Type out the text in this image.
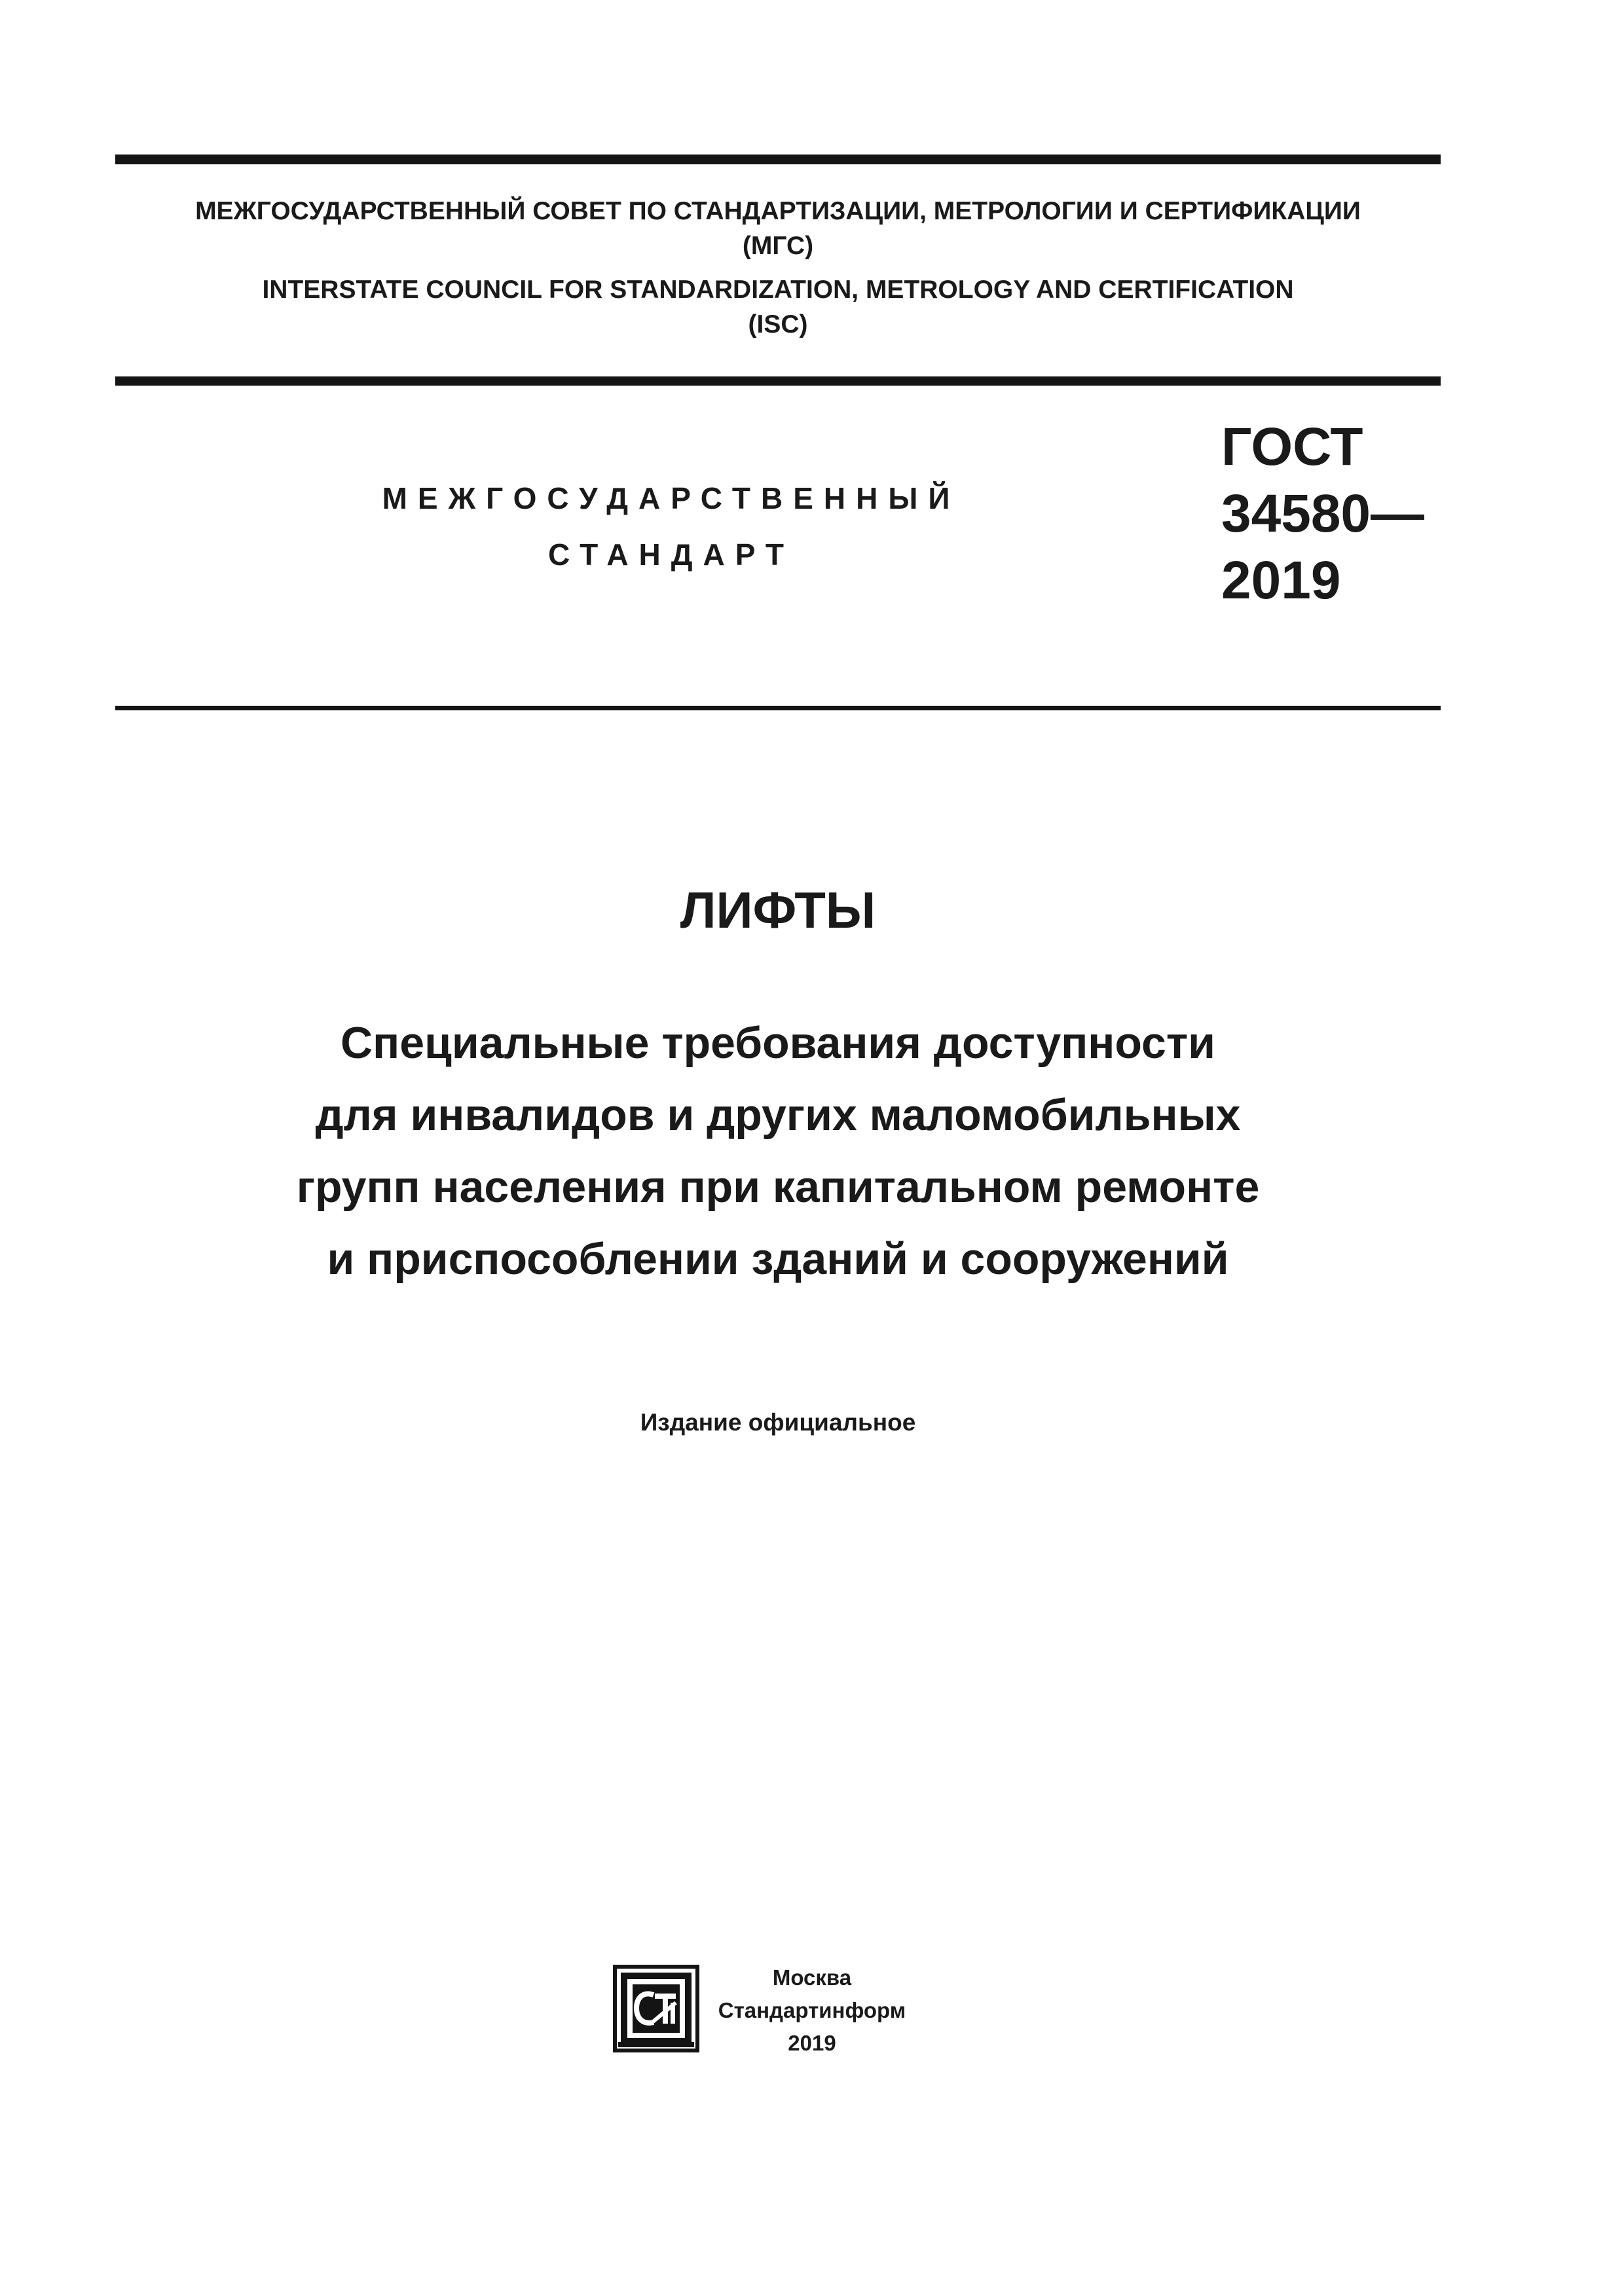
МЕЖГОСУДАРСТВЕННЫЙ СОВЕТ ПО СТАНДАРТИЗАЦИИ, МЕТРОЛОГИИ И СЕРТИФИКАЦИИ
(МГС)
INTERSTATE COUNCIL FOR STANDARDIZATION, METROLOGY AND CERTIFICATION
(ISC)
МЕЖГОСУДАРСТВЕННЫЙ
СТАНДАРТ
ГОСТ
34580—
2019
ЛИФТЫ
Специальные требования доступности
для инвалидов и других маломобильных
групп населения при капитальном ремонте
и приспособлении зданий и сооружений
Издание официальное
Москва
Стандартинформ
2019
